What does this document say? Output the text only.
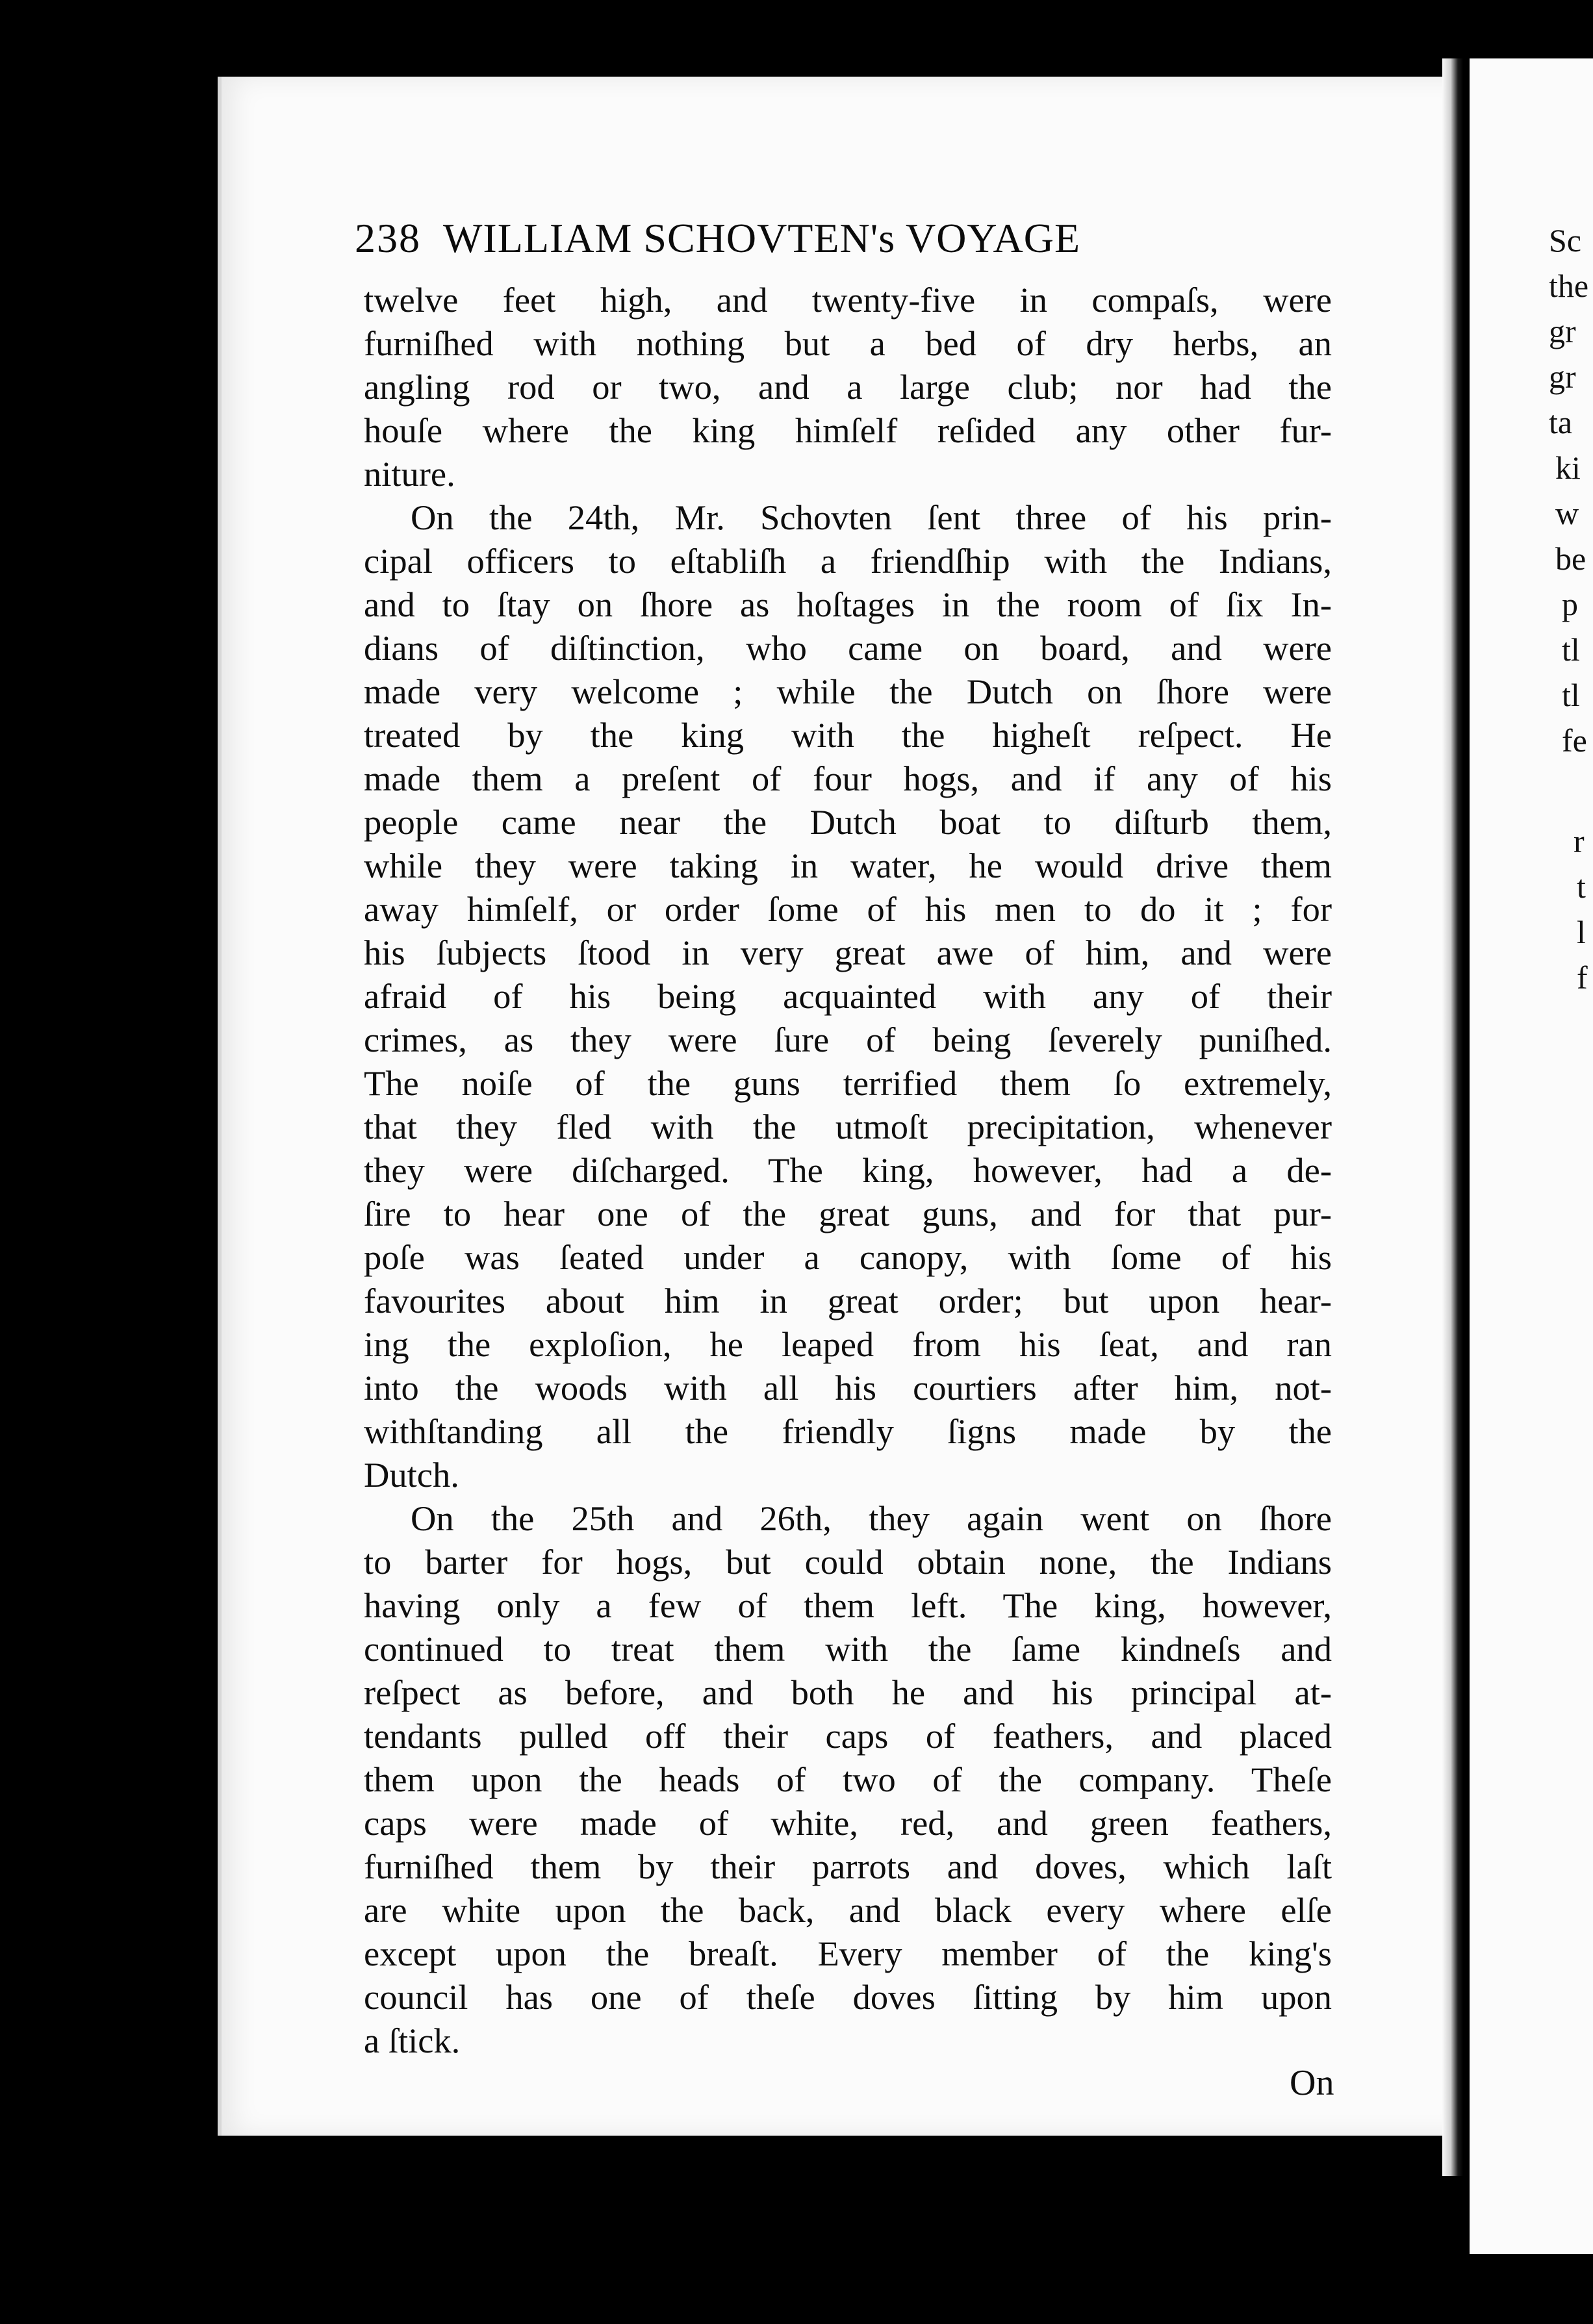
Sc
the
gr
gr
ta
ki
w
be
p
tl
tl
fe
r
t
l
f
238 WILLIAM SCHOVTEN's VOYAGE
twelve feet high, and twenty-five in compaſs, were
furniſhed with nothing but a bed of dry herbs, an
angling rod or two, and a large club; nor had the
houſe where the king himſelf reſided any other fur-
niture.
On the 24th, Mr. Schovten ſent three of his prin-
cipal officers to eſtabliſh a friendſhip with the Indians,
and to ſtay on ſhore as hoſtages in the room of ſix In-
dians of diſtinction, who came on board, and were
made very welcome ; while the Dutch on ſhore were
treated by the king with the higheſt reſpect. He
made them a preſent of four hogs, and if any of his
people came near the Dutch boat to diſturb them,
while they were taking in water, he would drive them
away himſelf, or order ſome of his men to do it ; for
his ſubjects ſtood in very great awe of him, and were
afraid of his being acquainted with any of their
crimes, as they were ſure of being ſeverely puniſhed.
The noiſe of the guns terrified them ſo extremely,
that they fled with the utmoſt precipitation, whenever
they were diſcharged. The king, however, had a de-
ſire to hear one of the great guns, and for that pur-
poſe was ſeated under a canopy, with ſome of his
favourites about him in great order; but upon hear-
ing the exploſion, he leaped from his ſeat, and ran
into the woods with all his courtiers after him, not-
withſtanding all the friendly ſigns made by the
Dutch.
On the 25th and 26th, they again went on ſhore
to barter for hogs, but could obtain none, the Indians
having only a few of them left. The king, however,
continued to treat them with the ſame kindneſs and
reſpect as before, and both he and his principal at-
tendants pulled off their caps of feathers, and placed
them upon the heads of two of the company. Theſe
caps were made of white, red, and green feathers,
furniſhed them by their parrots and doves, which laſt
are white upon the back, and black every where elſe
except upon the breaſt. Every member of the king's
council has one of theſe doves ſitting by him upon
a ſtick.
On
